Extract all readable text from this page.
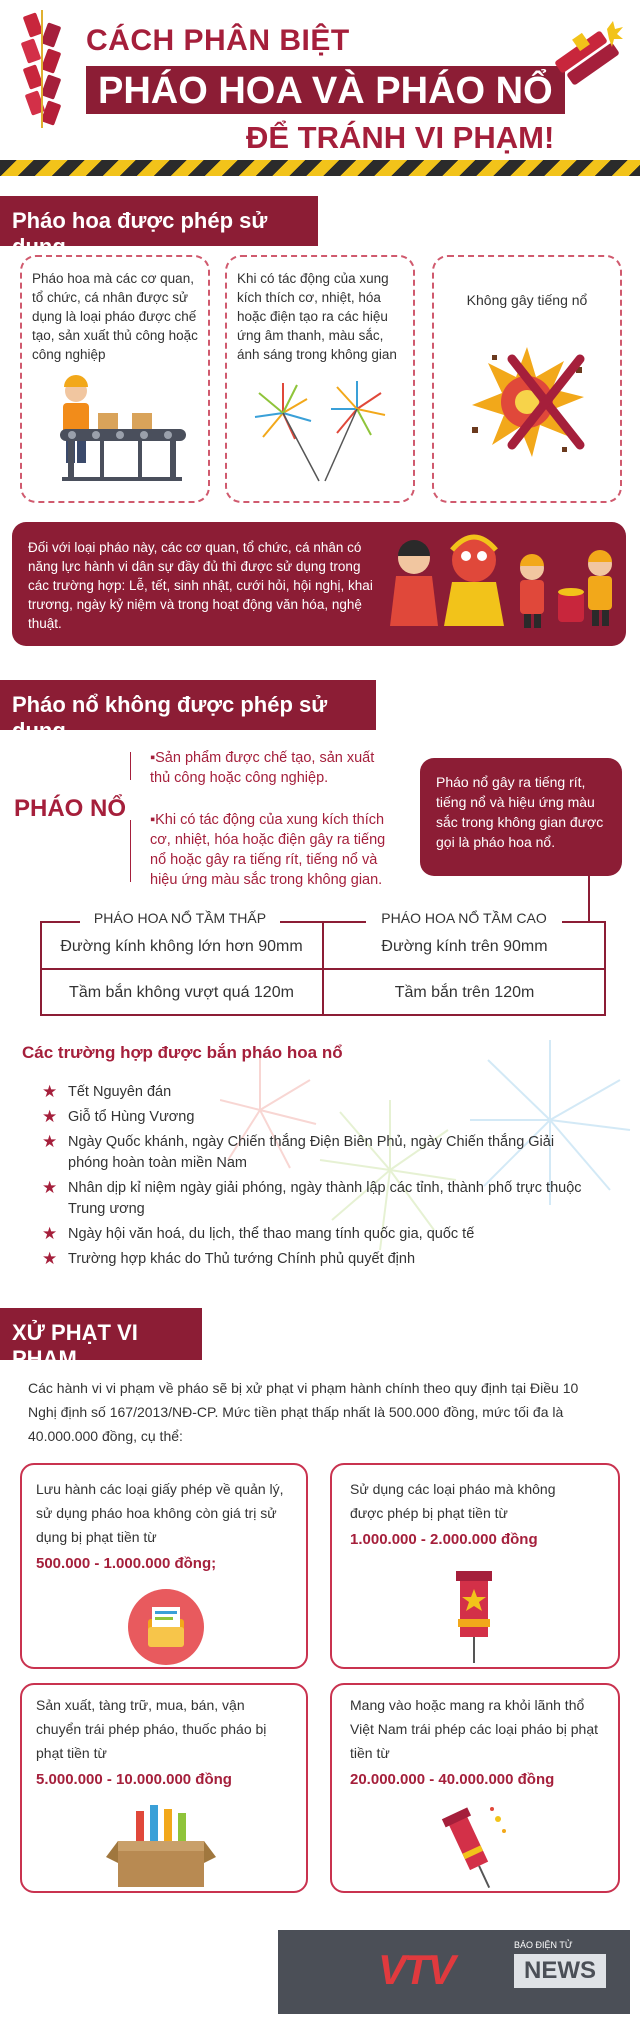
CÁCH PHÂN BIỆT
PHÁO HOA VÀ PHÁO NỔ
ĐỂ TRÁNH VI PHẠM!
Pháo hoa được phép sử dụng
Pháo hoa mà các cơ quan, tổ chức, cá nhân được sử dụng là loại pháo được chế tạo, sản xuất thủ công hoặc công nghiệp
Khi có tác động của xung kích thích cơ, nhiệt, hóa hoặc điện tạo ra các hiệu ứng âm thanh, màu sắc, ánh sáng trong không gian
Không gây tiếng nổ
Đối với loại pháo này, các cơ quan, tổ chức, cá nhân có năng lực hành vi dân sự đầy đủ thì được sử dụng trong các trường hợp: Lễ, tết, sinh nhật, cưới hỏi, hội nghị, khai trương, ngày kỷ niệm và trong hoạt động văn hóa, nghệ thuật.
Pháo nổ không được phép sử dụng
PHÁO NỔ
▪Sản phẩm được chế tạo, sản xuất thủ công hoặc công nghiệp.
▪Khi có tác động của xung kích thích cơ, nhiệt, hóa hoặc điện gây ra tiếng nổ hoặc gây ra tiếng rít, tiếng nổ và hiệu ứng màu sắc trong không gian.
Pháo nổ gây ra tiếng rít, tiếng nổ và hiệu ứng màu sắc trong không gian được gọi là pháo hoa nổ.
PHÁO HOA NỔ TẦM THẤP	PHÁO HOA NỔ TẦM CAO
Đường kính không lớn hơn 90mm	Đường kính trên 90mm
Tầm bắn không vượt quá 120m	Tầm bắn trên 120m
Các trường hợp được bắn pháo hoa nổ
★ Tết Nguyên đán
★ Giỗ tổ Hùng Vương
★ Ngày Quốc khánh, ngày Chiến thắng Điện Biên Phủ, ngày Chiến thắng Giải phóng hoàn toàn miền Nam
★ Nhân dịp kỉ niệm ngày giải phóng, ngày thành lập các tỉnh, thành phố trực thuộc Trung ương
★ Ngày hội văn hoá, du lịch, thể thao mang tính quốc gia, quốc tế
★ Trường hợp khác do Thủ tướng Chính phủ quyết định
XỬ PHẠT VI PHẠM
Các hành vi vi phạm về pháo sẽ bị xử phạt vi phạm hành chính theo quy định tại Điều 10 Nghị định số 167/2013/NĐ-CP. Mức tiền phạt thấp nhất là 500.000 đồng, mức tối đa là 40.000.000 đồng, cụ thể:
Lưu hành các loại giấy phép về quản lý, sử dụng pháo hoa không còn giá trị sử dụng bị phạt tiền từ
500.000 - 1.000.000 đồng;
Sử dụng các loại pháo mà không được phép bị phạt tiền từ
1.000.000 - 2.000.000 đồng
Sản xuất, tàng trữ, mua, bán, vận chuyển trái phép pháo, thuốc pháo bị phạt tiền từ
5.000.000 - 10.000.000 đồng
Mang vào hoặc mang ra khỏi lãnh thổ Việt Nam trái phép các loại pháo bị phạt tiền từ
20.000.000 - 40.000.000 đồng
VTV
BÁO ĐIỆN TỬ
NEWS
